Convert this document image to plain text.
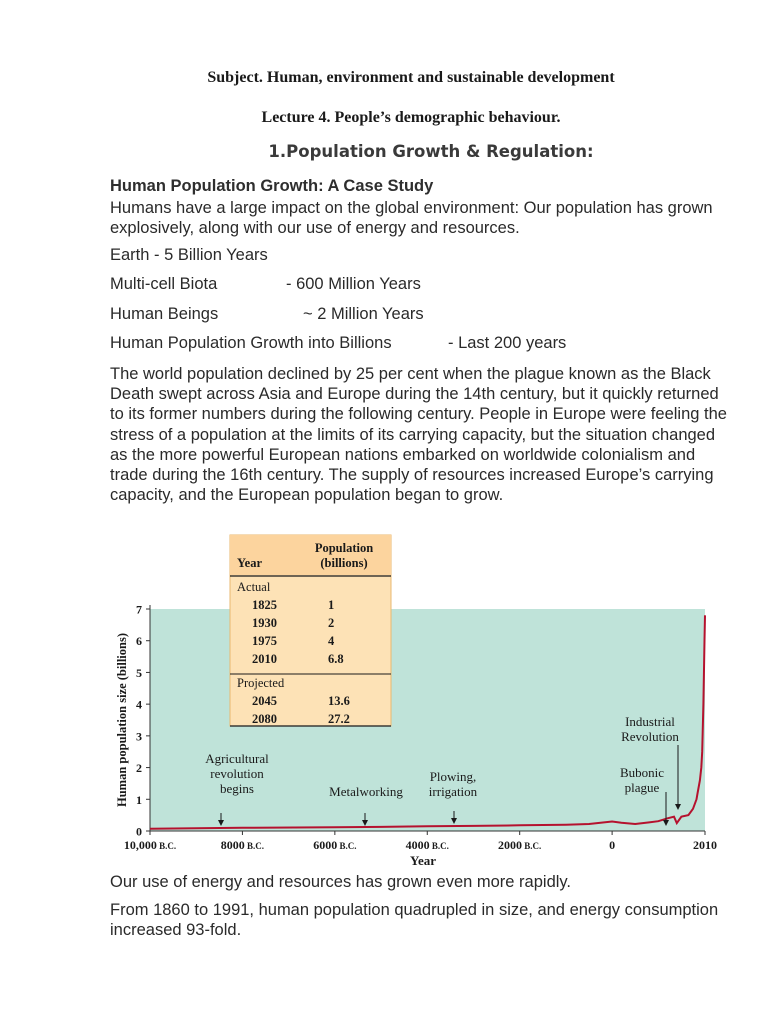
Subject. Human, environment and sustainable development
Lecture 4. People’s demographic behaviour.
1.Population Growth & Regulation:
Human Population Growth: A Case Study
Humans have a large impact on the global environment: Our population has grown explosively, along with our use of energy and resources.
Earth - 5 Billion Years
Multi-cell Biota	- 600 Million Years
Human Beings	~ 2 Million Years
Human Population Growth into Billions	- Last 200 years
The world population declined by 25 per cent when the plague known as the Black Death swept across Asia and Europe during the 14th century, but it quickly returned to its former numbers during the following century. People in Europe were feeling the stress of a population at the limits of its carrying capacity, but the situation changed as the more powerful European nations embarked on worldwide colonialism and trade during the 16th century. The supply of resources increased Europe’s carrying capacity, and the European population began to grow.
0
1
2
3
4
5
6
7
10,000 B.C.	8000 B.C.	6000 B.C.	4000 B.C.	2000 B.C.	0	2010
Agricultural
revolution
begins	Metalworking
Plowing,
irrigation
Bubonic
plague
Industrial
Revolution
Human population size (billions)
Year
Year
Population
(billions)
Actual
1825	1
1930	2
1975	4
2010	6.8
Projected
2045	13.6
2080	27.2
Our use of energy and resources has grown even more rapidly.
From 1860 to 1991, human population quadrupled in size, and energy consumption increased 93-fold.
